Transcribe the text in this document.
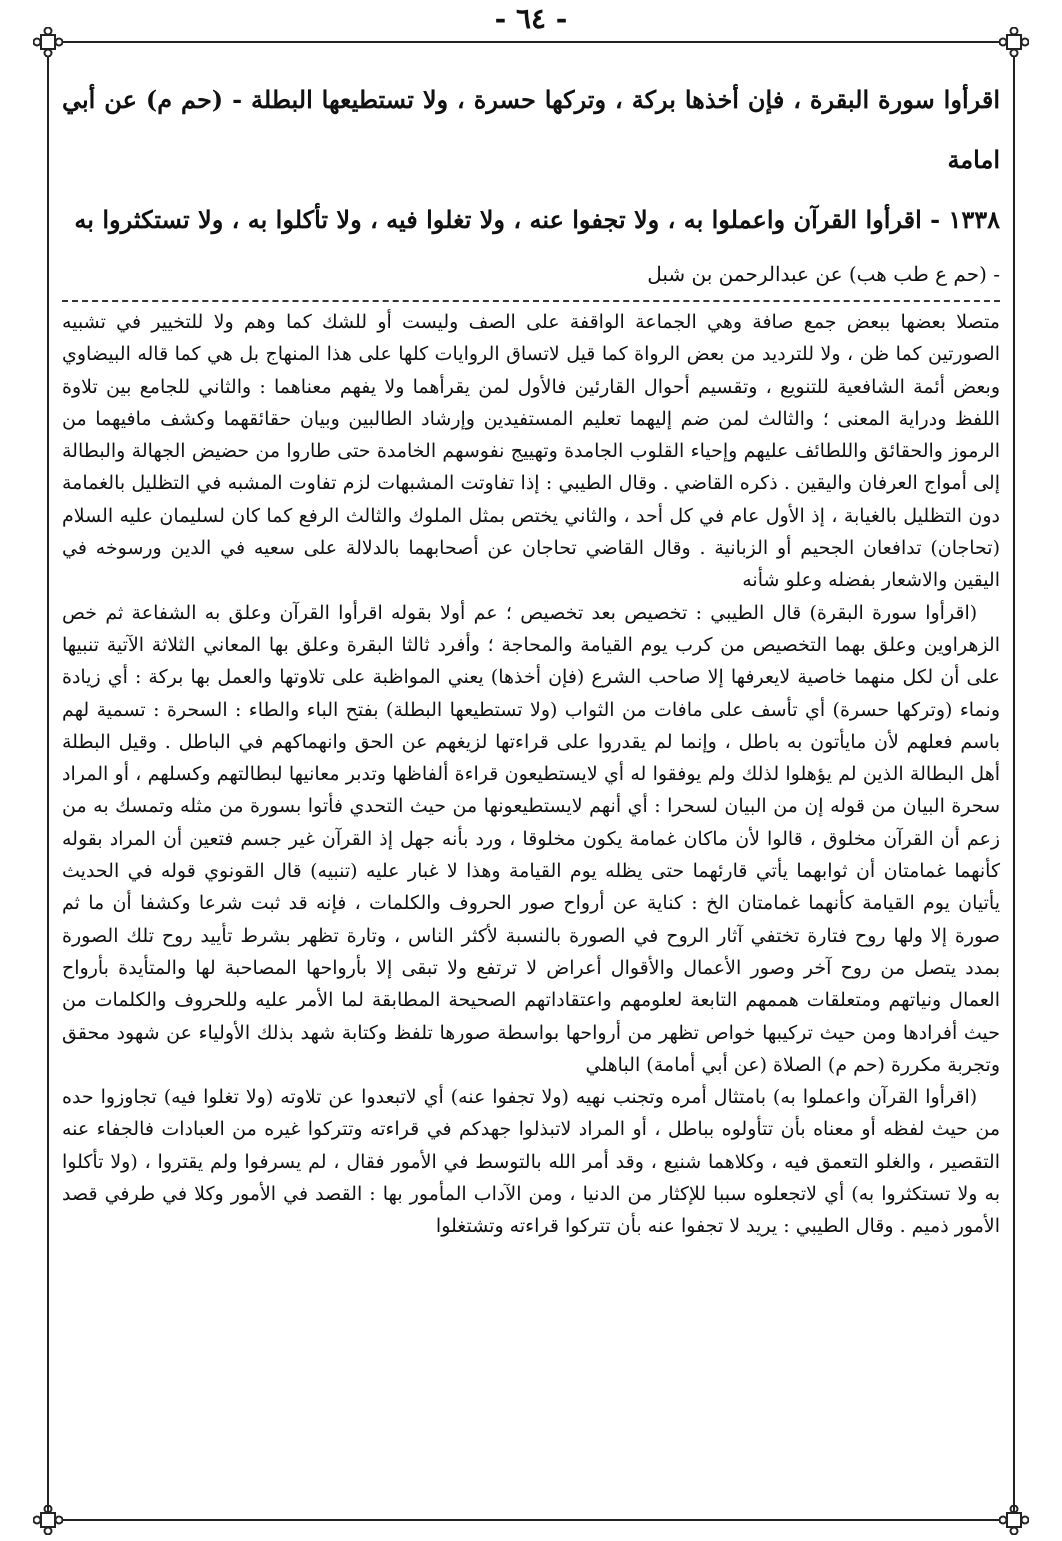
- ٦٤ -

اقرأوا سورة البقرة ، فإن أخذها بركة ، وتركها حسرة ، ولا تستطيعها البطلة - (حم م) عن أبي امامة

١٣٣٨ - اقرأوا القرآن واعملوا به ، ولا تجفوا عنه ، ولا تغلوا فيه ، ولا تأكلوا به ، ولا تستكثروا به

- (حم ع طب هب) عن عبدالرحمن بن شبل

متصلا بعضها ببعض جمع صافة وهي الجماعة الواقفة على الصف وليست أو للشك كما وهم ولا للتخيير في تشبيه الصورتين كما ظن ، ولا للترديد من بعض الرواة كما قيل لاتساق الروايات كلها على هذا المنهاج بل هي كما قاله البيضاوي وبعض أئمة الشافعية للتنويع ، وتقسيم أحوال القارئين فالأول لمن يقرأهما ولا يفهم معناهما : والثاني للجامع بين تلاوة اللفظ ودراية المعنى ؛ والثالث لمن ضم إليهما تعليم المستفيدين وإرشاد الطالبين وبيان حقائقهما وكشف مافيهما من الرموز والحقائق واللطائف عليهم وإحياء القلوب الجامدة وتهييج نفوسهم الخامدة حتى طاروا من حضيض الجهالة والبطالة إلى أمواج العرفان واليقين . ذكره القاضي . وقال الطيبي : إذا تفاوتت المشبهات لزم تفاوت المشبه في التظليل بالغمامة دون التظليل بالغيابة ، إذ الأول عام في كل أحد ، والثاني يختص بمثل الملوك والثالث الرفع كما كان لسليمان عليه السلام (تحاجان) تدافعان الجحيم أو الزبانية . وقال القاضي تحاجان عن أصحابهما بالدلالة على سعيه في الدين ورسوخه في اليقين والاشعار بفضله وعلو شأنه

(اقرأوا سورة البقرة) قال الطيبي : تخصيص بعد تخصيص ؛ عم أولا بقوله اقرأوا القرآن وعلق به الشفاعة ثم خص الزهراوين وعلق بهما التخصيص من كرب يوم القيامة والمحاجة ؛ وأفرد ثالثا البقرة وعلق بها المعاني الثلاثة الآتية تنبيها على أن لكل منهما خاصية لايعرفها إلا صاحب الشرع (فإن أخذها) يعني المواظبة على تلاوتها والعمل بها بركة : أي زيادة ونماء (وتركها حسرة) أي تأسف على مافات من الثواب (ولا تستطيعها البطلة) بفتح الباء والطاء : السحرة : تسمية لهم باسم فعلهم لأن مايأتون به باطل ، وإنما لم يقدروا على قراءتها لزيغهم عن الحق وانهماكهم في الباطل . وقيل البطلة أهل البطالة الذين لم يؤهلوا لذلك ولم يوفقوا له أي لايستطيعون قراءة ألفاظها وتدبر معانيها لبطالتهم وكسلهم ، أو المراد سحرة البيان من قوله إن من البيان لسحرا : أي أنهم لايستطيعونها من حيث التحدي فأتوا بسورة من مثله وتمسك به من زعم أن القرآن مخلوق ، قالوا لأن ماكان غمامة يكون مخلوقا ، ورد بأنه جهل إذ القرآن غير جسم فتعين أن المراد بقوله كأنهما غمامتان أن ثوابهما يأتي قارئهما حتى يظله يوم القيامة وهذا لا غبار عليه (تنبيه) قال القونوي قوله في الحديث يأتيان يوم القيامة كأنهما غمامتان الخ : كناية عن أرواح صور الحروف والكلمات ، فإنه قد ثبت شرعا وكشفا أن ما ثم صورة إلا ولها روح فتارة تختفي آثار الروح في الصورة بالنسبة لأكثر الناس ، وتارة تظهر بشرط تأييد روح تلك الصورة بمدد يتصل من روح آخر وصور الأعمال والأقوال أعراض لا ترتفع ولا تبقى إلا بأرواحها المصاحبة لها والمتأيدة بأرواح العمال ونياتهم ومتعلقات هممهم التابعة لعلومهم واعتقاداتهم الصحيحة المطابقة لما الأمر عليه وللحروف والكلمات من حيث أفرادها ومن حيث تركيبها خواص تظهر من أرواحها بواسطة صورها تلفظ وكتابة شهد بذلك الأولياء عن شهود محقق وتجربة مكررة (حم م) الصلاة (عن أبي أمامة) الباهلي

(اقرأوا القرآن واعملوا به) بامتثال أمره وتجنب نهيه (ولا تجفوا عنه) أي لاتبعدوا عن تلاوته (ولا تغلوا فيه) تجاوزوا حده من حيث لفظه أو معناه بأن تتأولوه بباطل ، أو المراد لاتبذلوا جهدكم في قراءته وتتركوا غيره من العبادات فالجفاء عنه التقصير ، والغلو التعمق فيه ، وكلاهما شنيع ، وقد أمر الله بالتوسط في الأمور فقال ، لم يسرفوا ولم يقتروا ، (ولا تأكلوا به ولا تستكثروا به) أي لاتجعلوه سببا للإكثار من الدنيا ، ومن الآداب المأمور بها : القصد في الأمور وكلا في طرفي قصد الأمور ذميم . وقال الطيبي : يريد لا تجفوا عنه بأن تتركوا قراءته وتشتغلوا
